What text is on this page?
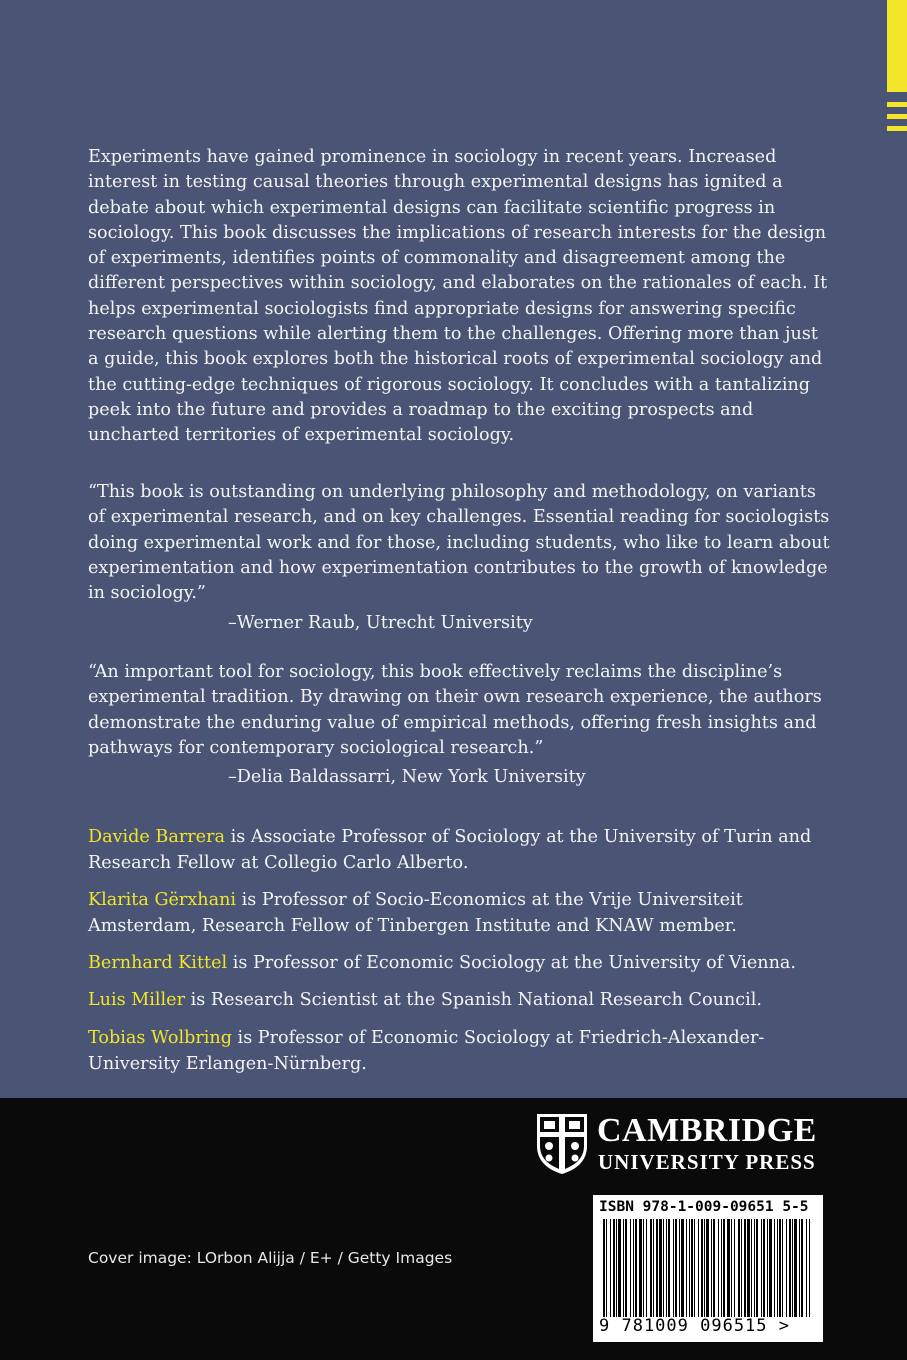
Experiments have gained prominence in sociology in recent years. Increased interest in testing causal theories through experimental designs has ignited a debate about which experimental designs can facilitate scientific progress in sociology. This book discusses the implications of research interests for the design of experiments, identifies points of commonality and disagreement among the different perspectives within sociology, and elaborates on the rationales of each. It helps experimental sociologists find appropriate designs for answering specific research questions while alerting them to the challenges. Offering more than just a guide, this book explores both the historical roots of experimental sociology and the cutting-edge techniques of rigorous sociology. It concludes with a tantalizing peek into the future and provides a roadmap to the exciting prospects and uncharted territories of experimental sociology.

“This book is outstanding on underlying philosophy and methodology, on variants of experimental research, and on key challenges. Essential reading for sociologists doing experimental work and for those, including students, who like to learn about experimentation and how experimentation contributes to the growth of knowledge in sociology.”

–Werner Raub, Utrecht University

“An important tool for sociology, this book effectively reclaims the discipline’s experimental tradition. By drawing on their own research experience, the authors demonstrate the enduring value of empirical methods, offering fresh insights and pathways for contemporary sociological research.”

–Delia Baldassarri, New York University

Davide Barrera is Associate Professor of Sociology at the University of Turin and Research Fellow at Collegio Carlo Alberto.

Klarita Gërxhani is Professor of Socio-Economics at the Vrije Universiteit Amsterdam, Research Fellow of Tinbergen Institute and KNAW member.

Bernhard Kittel is Professor of Economic Sociology at the University of Vienna.

Luis Miller is Research Scientist at the Spanish National Research Council.

Tobias Wolbring is Professor of Economic Sociology at Friedrich-Alexander-University Erlangen-Nürnberg.

CAMBRIDGE
UNIVERSITY PRESS
ISBN 978-1-009-09651 5-5
9 781009 096515 >
Cover image: LOrbon Alijja / E+ / Getty Images
